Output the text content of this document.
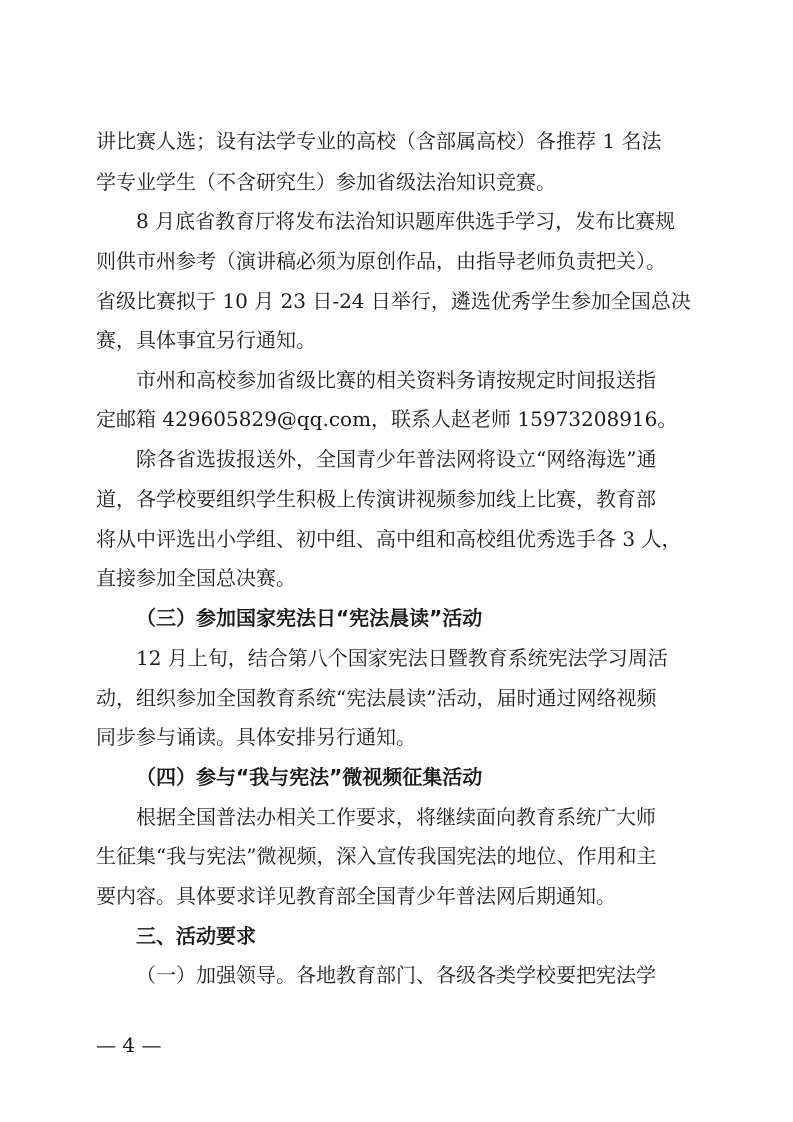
讲比赛人选；设有法学专业的高校（含部属高校）各推荐 1 名法
学专业学生（不含研究生）参加省级法治知识竞赛。
8 月底省教育厅将发布法治知识题库供选手学习，发布比赛规
则供市州参考（演讲稿必须为原创作品，由指导老师负责把关）。
省级比赛拟于 10 月 23 日-24 日举行，遴选优秀学生参加全国总决
赛，具体事宜另行通知。
市州和高校参加省级比赛的相关资料务请按规定时间报送指
定邮箱 429605829@qq.com，联系人赵老师 15973208916。
除各省选拔报送外，全国青少年普法网将设立“网络海选”通
道，各学校要组织学生积极上传演讲视频参加线上比赛，教育部
将从中评选出小学组、初中组、高中组和高校组优秀选手各 3 人，
直接参加全国总决赛。
（三）参加国家宪法日“宪法晨读”活动
12 月上旬，结合第八个国家宪法日暨教育系统宪法学习周活
动，组织参加全国教育系统“宪法晨读”活动，届时通过网络视频
同步参与诵读。具体安排另行通知。
（四）参与“我与宪法”微视频征集活动
根据全国普法办相关工作要求，将继续面向教育系统广大师
生征集“我与宪法”微视频，深入宣传我国宪法的地位、作用和主
要内容。具体要求详见教育部全国青少年普法网后期通知。
三、活动要求
（一）加强领导。各地教育部门、各级各类学校要把宪法学
— 4 —
